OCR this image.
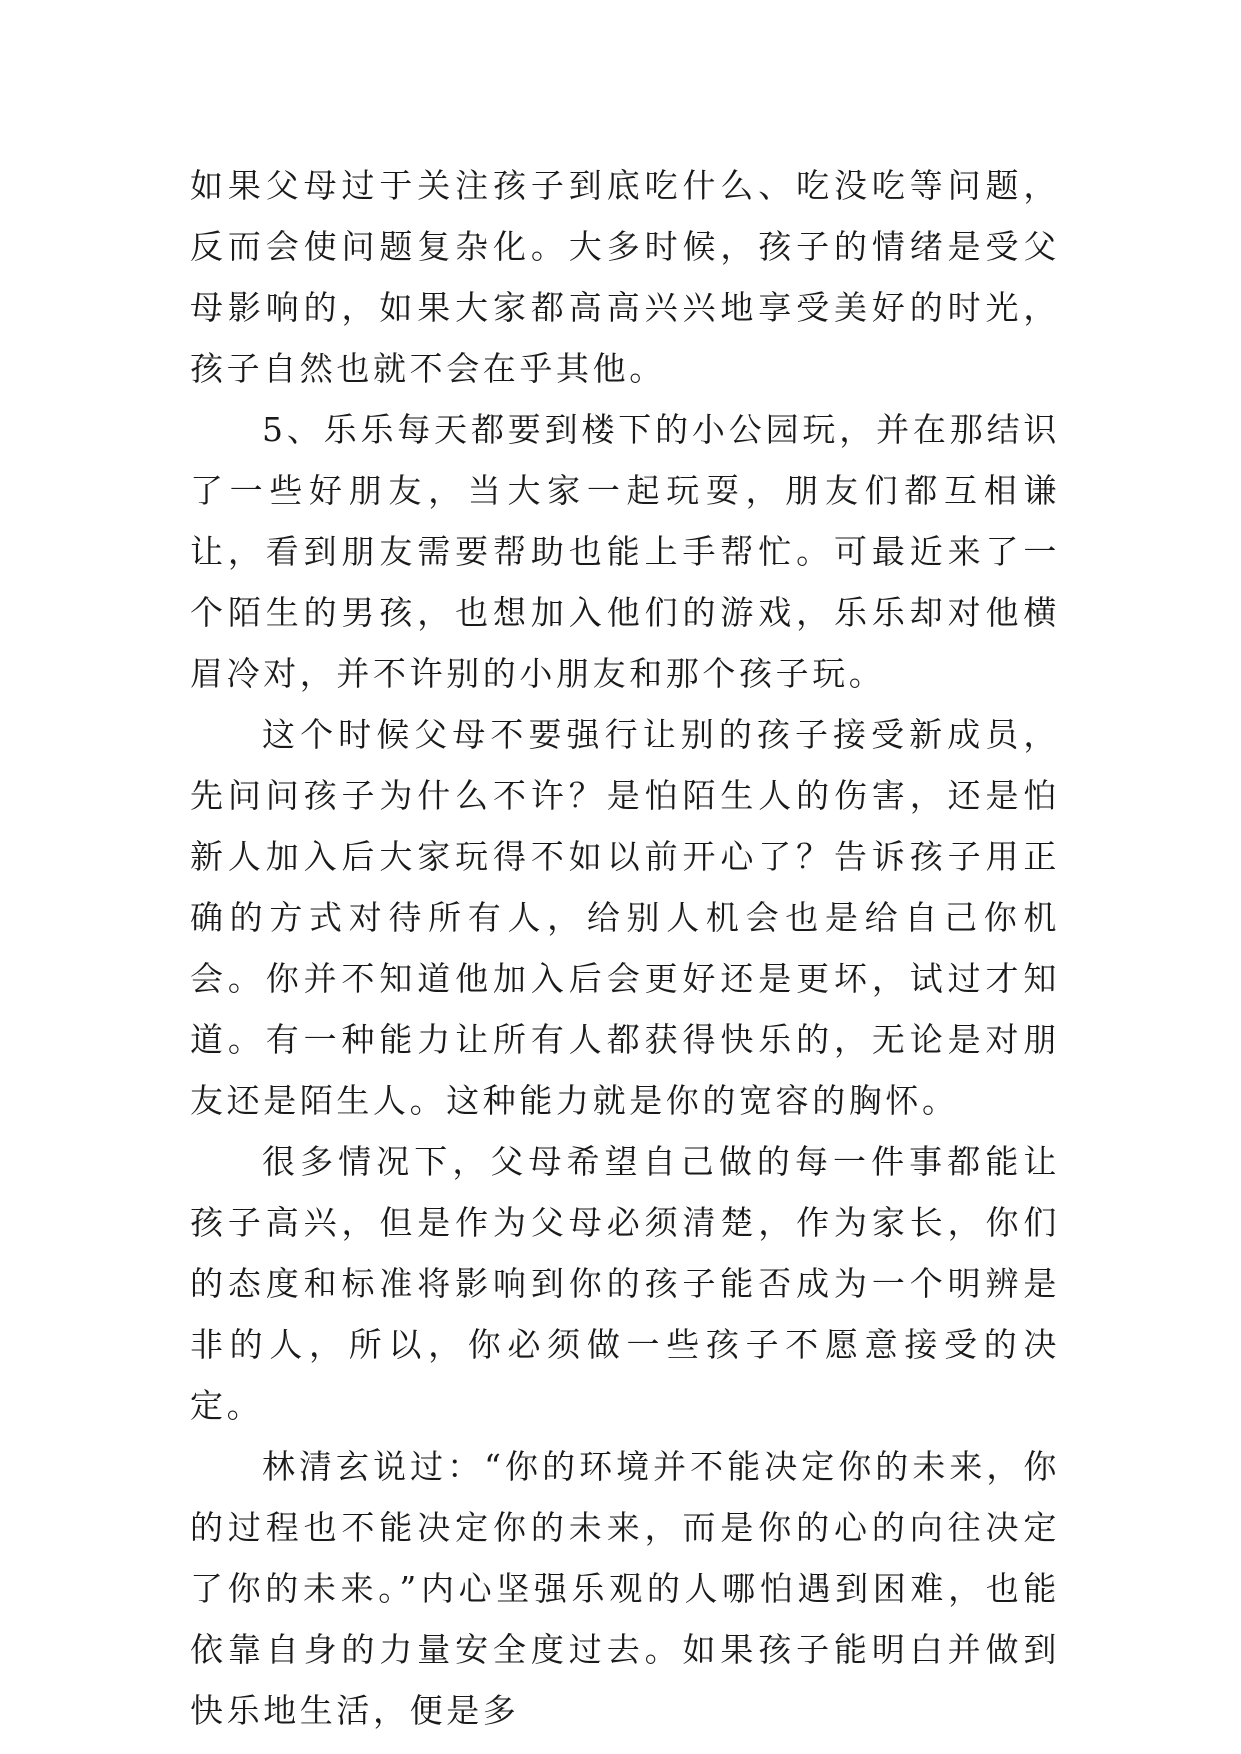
如果父母过于关注孩子到底吃什么、吃没吃等问题，反而会使问题复杂化。大多时候，孩子的情绪是受父母影响的，如果大家都高高兴兴地享受美好的时光，孩子自然也就不会在乎其他。

5、乐乐每天都要到楼下的小公园玩，并在那结识了一些好朋友，当大家一起玩耍，朋友们都互相谦让，看到朋友需要帮助也能上手帮忙。可最近来了一个陌生的男孩，也想加入他们的游戏，乐乐却对他横眉冷对，并不许别的小朋友和那个孩子玩。

这个时候父母不要强行让别的孩子接受新成员，先问问孩子为什么不许？是怕陌生人的伤害，还是怕新人加入后大家玩得不如以前开心了？告诉孩子用正确的方式对待所有人，给别人机会也是给自己你机会。你并不知道他加入后会更好还是更坏，试过才知道。有一种能力让所有人都获得快乐的，无论是对朋友还是陌生人。这种能力就是你的宽容的胸怀。

很多情况下，父母希望自己做的每一件事都能让孩子高兴，但是作为父母必须清楚，作为家长，你们的态度和标准将影响到你的孩子能否成为一个明辨是非的人，所以，你必须做一些孩子不愿意接受的决定。

林清玄说过：“你的环境并不能决定你的未来，你的过程也不能决定你的未来，而是你的心的向往决定了你的未来。”内心坚强乐观的人哪怕遇到困难，也能依靠自身的力量安全度过去。如果孩子能明白并做到快乐地生活，便是多
